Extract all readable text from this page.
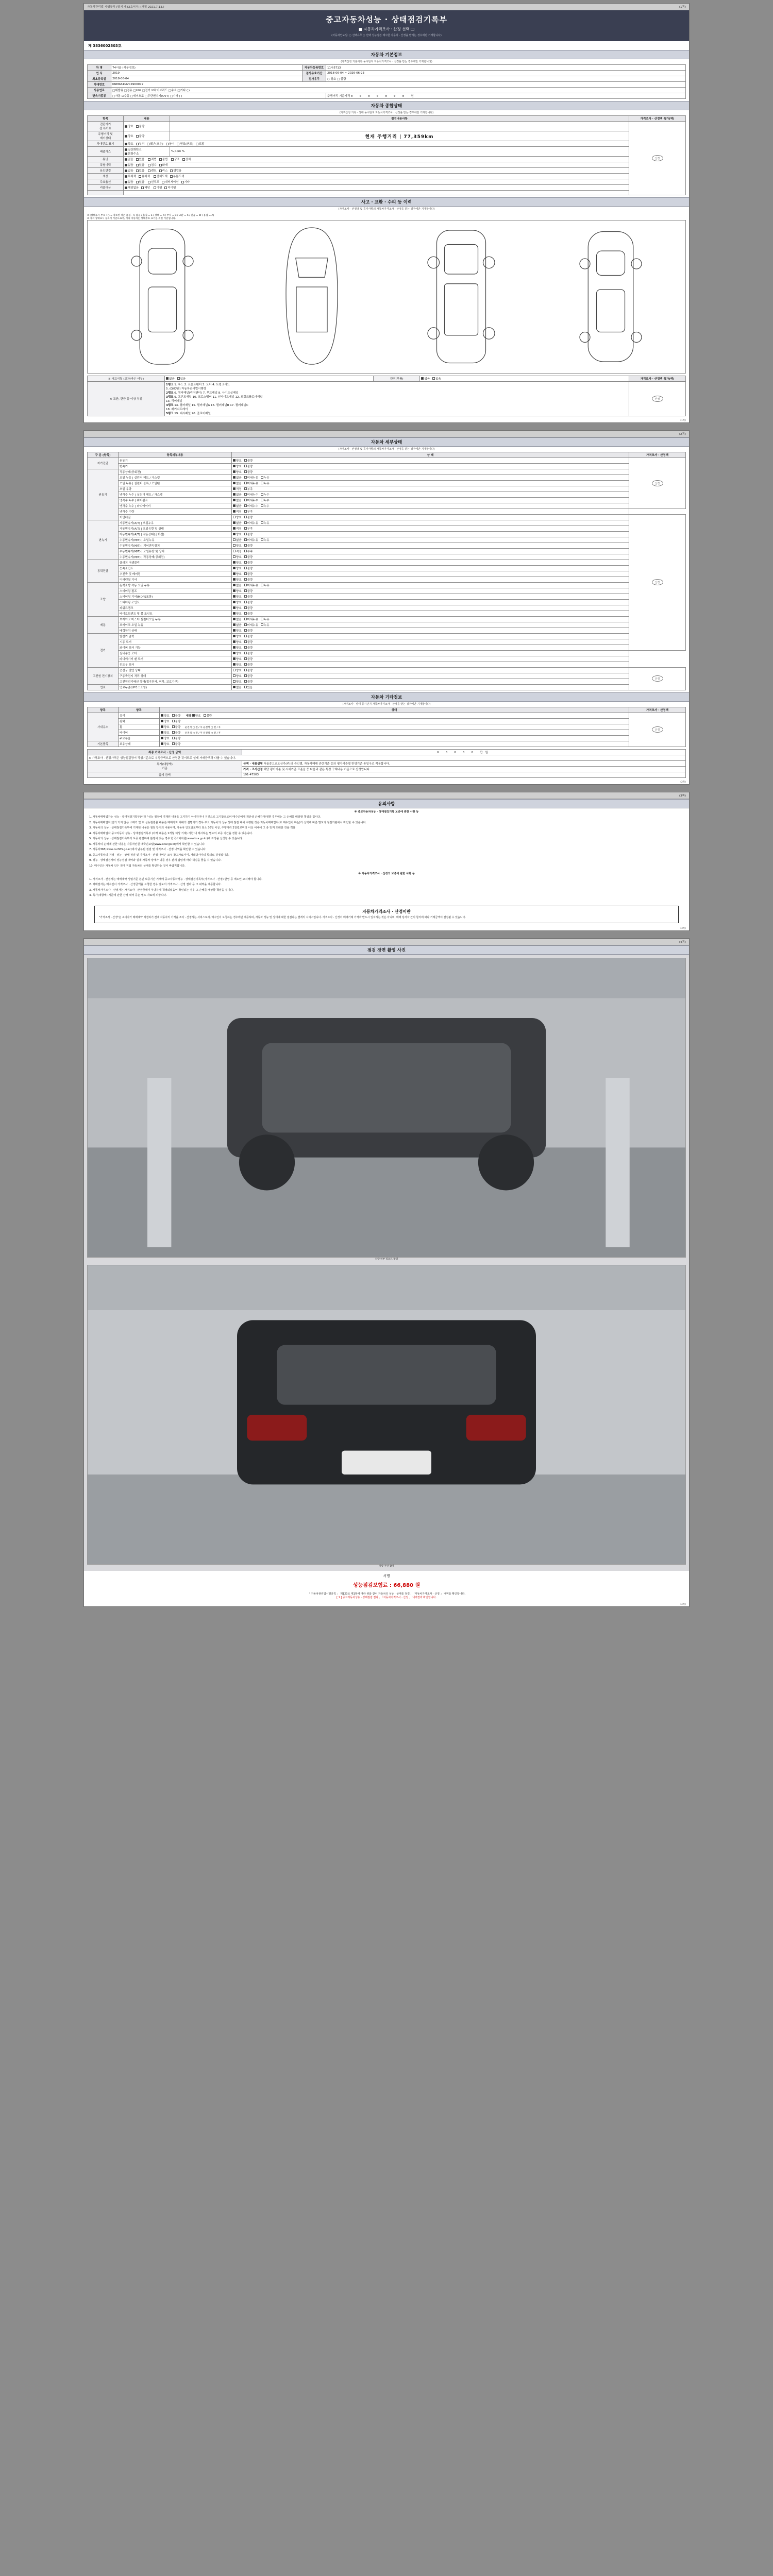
자동차관리법 시행규칙 [별지 제82호서식] (개정 2021.7.13.)	(1쪽)
중고자동차성능 · 상태점검기록부
■ 자동차가격조사 · 산정 선택 □
(자동차인도일: ○ 선택유무 ○ 선택 성능점검 제시한 자동차 · 산정을 받지는 경우에만 기재합니다)
제 3836002803호
자동차 기본정보
(자격산정 기본기록 동시단지 자동차가격조사 · 산정을 받는 경우에만 기재합니다)
차 명	74시울 (세부정보)	자동차등록번호	11나5713
연 식	2019	검사유효기간	2018-06-04 ~ 2026-06-23
최초등록일	2018-06-04	검사유무	○ 양호 □ 불량
차대번호	KNMAS1MVC4900072		
사용연료	□휘발유 □경유 □LPG □전기 ☑하이브리드 □수소 □기타 ( )		
변속기종류	□자동 ☑수동 □세미오토 □무단변속기(CVT) □기타 ( )		주행거리 기준가격 0 0 0 0 0 0 0 원
자동차 종합상태
(자격산정 기록 · 상태 동시단지 자동차가격조사 · 산정을 받는 경우에만 기재합니다)
항목	내용	점검내용사항	가격조사 · 산정액 특가(액)
진단기기
접 특가표	양호 불량		산정
주행거리 및
계기상태	양호 불량	현재 주행거리 | 77,359km	
차대번호 표기	양호 부식 훼손(오손) 상이 변조(변도) 도말		
배출가스	일산화탄소
탄화수소	% ppm %	
튜닝	없음 있음 적법 불법 구조 장치		
특별이력	없음 있음 침수 화재		
용도변경	없음 있음 렌트 리스 영업용		
색상	무채색 유채색 전체도색 부분도색		
주요옵션	없음 있음 선루프 내비게이션 기타		
리콜대상	해당없음 해당 이행 미이행		

사고 · 교환 · 수리 등 이력
(자격조사 · 산정액 및 특가사항의 자동차가격조사 · 산정을 받는 경우에만 기재합니다)
※ (상태표시 부호 : ○ = 양호한 작은 흠집 · 녹 없음 / 흠집 = S / 상태 = N / 부식 = C / 교환 = X / 판금 = W / 용접 = A)
※ 자격 상태표시 등록기 기준으로서, 기타 자동차는 상태부호 표기를 위한 기준입니다.
※ 사고이력 (교차/파손 여부)	없음 있음	단위(부품)	없음 있음	가격조사 · 산정액 특가(액)
※ 교환, 판금 등 이상 부위	
1랭크 1. 후드 2. 프론트팬더 3. 도어 4. 트렁크리드
5. (O/X/판) 자동차관리법시행령
2랭크 6. 쿼터패널(리어팬더) 7. 루프패널 8. 사이드실패널
3랭크 9. 프론트패널 10. 크로스멤버 11. 인사이드패널 12. 트렁크플로어패널
13. 리어패널
4랭크 14. 필러패널 15. 필러패널A 16. 필러패널B 17. 필러패널C
18. 패키지트레이
5랭크 19. 대시패널 20. 플로어패널
	산정
(1쪽)

(2쪽)
자동차 세부상태
(자격조사 · 산정액 및 특가사항의 자동차가격조사 · 산정을 받는 경우에만 기재합니다)
구 분 (항목)	항목세부내용	상 태	가격조사 · 산정액
자가진단	원동기	양호 불량	산정
	변속기	양호 불량	
원동기	작동상태(공회전)	양호 불량	
	오일 누유 | 실린더 헤드 / 가스켓	없음 미세누유 누유	
	오일 누유 | 실린더 블록 / 오일팬	없음 미세누유 누유	
	오일 유량	적정 부족	
	냉각수 누수 | 실린더 헤드 / 가스켓	없음 미세누수 누수	
	냉각수 누수 | 워터펌프	없음 미세누수 누수	
	냉각수 누수 | 라디에이터	없음 미세누수 누수	
	냉각수 수량	적정 부족	
	커먼레일	양호 불량	산정
변속기	자동변속기(A/T) | 오일누유	없음 미세누유 누유	
	자동변속기(A/T) | 오일유량 및 상태	적정 부족	
	자동변속기(A/T) | 작동상태(공회전)	양호 불량	
	수동변속기(M/T) | 오일누유	없음 미세누유 누유	
	수동변속기(M/T) | 기어변속장치	양호 불량	
	수동변속기(M/T) | 오일유량 및 상태	적정 부족	
	수동변속기(M/T) | 작동상태(공회전)	양호 불량	
동력전달	클러치 어셈블리	양호 불량	
	등속조인트	양호 불량	
	추진축 및 베어링	양호 불량	
	디퍼렌셜 기어	양호 불량	
조향	동력조향 작동 오일 누유	없음 미세누유 누유	
	스티어링 펌프	양호 불량	
	스티어링 기어(MDPS포함)	양호 불량	
	스티어링 조인트	양호 불량	
	파워크랭크	양호 불량	
	타이로드엔드 및 볼 조인트	양호 불량	
제동	브레이크 마스터 실린더오일 누유	없음 미세누유 누유	
	브레이크 오일 누유	없음 미세누유 누유	
	배력장치 상태	양호 불량	
전기	발전기 출력	양호 불량	
	시동 모터	양호 불량	
	와이퍼 모터 기능	양호 불량	
	실내송풍 모터	양호 불량	
	라디에이터 팬 모터	양호 불량	
	윈도우 모터	양호 불량	
고전원 전기장치	충전구 절연 상태	양호 불량	산정
	구동축전지 격리 상태	양호 불량	
	고전원전기배선 상태(접속단자, 피복, 보호기구)	양호 불량	
연료	연료누출(LP가스포함)	없음 있음	
자동차 기타정보
(자격조사 · 상태 동시단지 자동차가격조사 · 산정을 받는 경우에만 기재합니다)
항목	항목	상태	가격조사 · 산정액
사내유소	유리	양호 불량 내장 양호 불량	산정
	광택	양호 불량	
	휠	양호 불량 운전석 □ 전 / 후 운전석 □ 전 / 후	
	타이어	양호 불량 운전석 □ 전 / 후 운전석 □ 전 / 후	
	주요부품	양호 불량	
기본품목	보유상태	양호 불량	
최종 가격조사 · 산정 금액	0 0 0 0 0 만원
※ 가격조사 · 산정가격은 성능점검장이 작성기준으로 추정금액으로 산정한 것이므로 실제 거래금액과 다를 수 있습니다.	
특가(대항액)
기준	금액 · 내용설명 서울중고교도상가(주)의 승인별, 자동차매매 관련기준 등의 평가기준별 반영기준 통일구조 적용합니다.
	가격 · 조사산정 해당 평가기준 및 시세기준 표준을 등 다음과 같은 특정 구체내용 기준으로 산정합니다.
합계 금액	191-47503
(2쪽)

(3쪽)
유의사항

※ 중고자동차성능 · 상태점검기록 보증에 관한 사항 등

1. 자동차매매업자는 성능 · 상태점검기록부(이하 "성능 점검에 기재된 내용을 고지하지 아니하거나 거짓으로 고지함으로써 매수인에게 재산상 손해가 발생한 경우에는 그 손해를 배상할 책임을 집니다.

2. 자동차매매업자(인가 가지 않은 소매거 및 또 성능점검을 내용은 매매사자 대배의 설명기기 경우 주요 자동차의 성능 상태 점검 대해 수행된 것은 자동차매매업자(또 매수인이 하는)가 선택에 따른 별도의 점검기관에서 확인할 수 있습니다.

3. 자동차의 성능 · 상태점검기록부에 기재된 내용은 점검 당시의 내용이며, 자동차 인도일로부터 최소 30일 이상, 주행거리 2천킬로미터 이상 이내에 그 중 먼저 도래한 것을 적용

4. 자동차매매업자 중고자동차 성능 · 상태점검기록부 (아래 내용은 1개월 이상 기재) 기한 내 제시하는 별도의 보증 기간을 정할 수 있습니다.

5. 자동차의 성능 · 상태점검기록부의 보증 관련하여 분쟁이 있는 경우 한국소비자원(www.kca.go.kr)에 조정을 신청할 수 있습니다.

6. 자동차의 손해에 관한 내용은 자동차민원 대국민포털(www.ecar.go.kr)에서 확인할 수 있습니다.

7. 자동차365(www.car365.go.kr)에서 남부된 점검 및 가격조사 · 산정 내역을 확인할 수 있습니다.

8. 중고자동차의 거래 · 성능 · 상태 점검 및 가격조사 · 산정 내역은 모두 참고자료이며, 거래당사자의 합의로 결정됩니다.

9. 성능 · 상태점검자의 성능점검 내역과 실제 자동차 상태가 다를 경우 관계 법령에 따라 책임을 물을 수 있습니다.

10. 매수인은 자동차 인수 전에 직접 자동차의 상태를 확인하는 것이 바람직합니다.

※ 자동차가격조사 · 산정의 보증에 관한 사항 등

1. 가격조사 · 산정자는 매매계약 성립기준 본인 보증기간 기재에 중고자동차성능 · 상태점검기록부(가격조사 · 산정) 반영 등 매도인 고지해야 합니다.

2. 매매업자는 매수인이 가격조사 · 산정금액을 요청한 경우 별도의 가격조사 · 산정 결과 등 그 내역을 제공합니다.

3. 자동차가격조사 · 산정자는 가격조사 · 산정금액이 부당하게 책정되었음이 확인되는 경우 그 손해를 배상할 책임을 집니다.

4. 특가(대항액) 기준에 관한 산정 내역 등은 별도 자료에 의합니다.

자동차가격조사 · 산정이란
"가격조사 · 산정"은 소비자가 매매계약 체결하기 전에 자동차의 가격을 조사 · 산정하는 서비스로서, 매수인이 요청하는 경우에만 제공하며, 자동차 성능 및 상태에 대한 점검과는 별개의 서비스입니다. 가격조사 · 산정이 매매거래 가격과 반드시 일치하는 것은 아니며, 매매 당사자 간의 합의에 따라 거래금액이 결정될 수 있습니다.
(3쪽)

(4쪽)
점검 장면 촬영 사진
차량 하부 리프트 촬영
차량 후면 촬영
서명
성능점검보험료 : 66,880 원
「 자동차관리법시행규칙 」 제120조 제1항에 따라 위와 같이 자동차의 성능 · 상태를 점검 , 「자동차가격조사 · 산정 」 내역을 확인합니다.
[ 1 ] 중고자동차성능 · 상태점검 결과 , 「자동차가격조사 · 산정 」 내역결과 확인합니다.
(4쪽)
